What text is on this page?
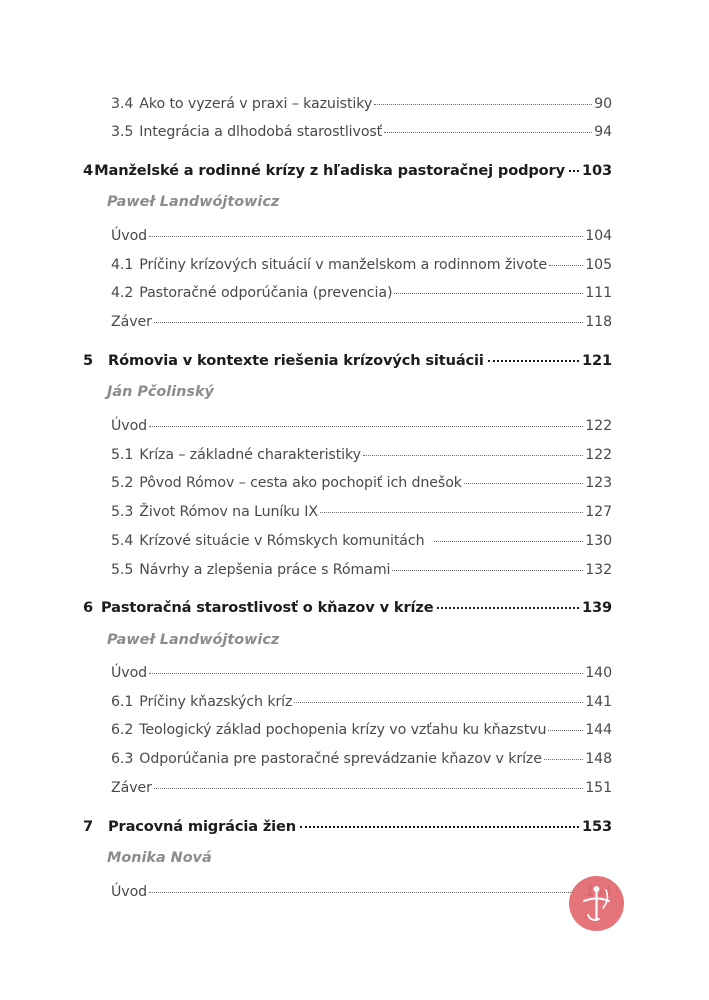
3.4 Ako to vyzerá v praxi – kazuistiky	90
3.5 Integrácia a dlhodobá starostlivosť	94
4 Manželské a rodinné krízy z hľadiska pastoračnej podpory 103
Paweł Landwójtowicz
Úvod	104
4.1 Príčiny krízových situácií v manželskom a rodinnom živote	105
4.2 Pastoračné odporúčania (prevencia)	111
Záver	118
5	Rómovia v kontexte riešenia krízových situácii	121
Ján Pčolinský
Úvod	122
5.1 Kríza – základné charakteristiky	122
5.2 Pôvod Rómov – cesta ako pochopiť ich dnešok	123
5.3 Život Rómov na Luníku IX	127
5.4 Krízové situácie v Rómskych komunitách	130
5.5 Návrhy a zlepšenia práce s Rómami	132
6 Pastoračná starostlivosť o kňazov v kríze	139
Paweł Landwójtowicz
Úvod	140
6.1 Príčiny kňazských kríz	141
6.2 Teologický základ pochopenia krízy vo vzťahu ku kňazstvu	144
6.3 Odporúčania pre pastoračné sprevádzanie kňazov v kríze	148
Záver	151
7	Pracovná migrácia žien	153
Monika Nová
Úvod
